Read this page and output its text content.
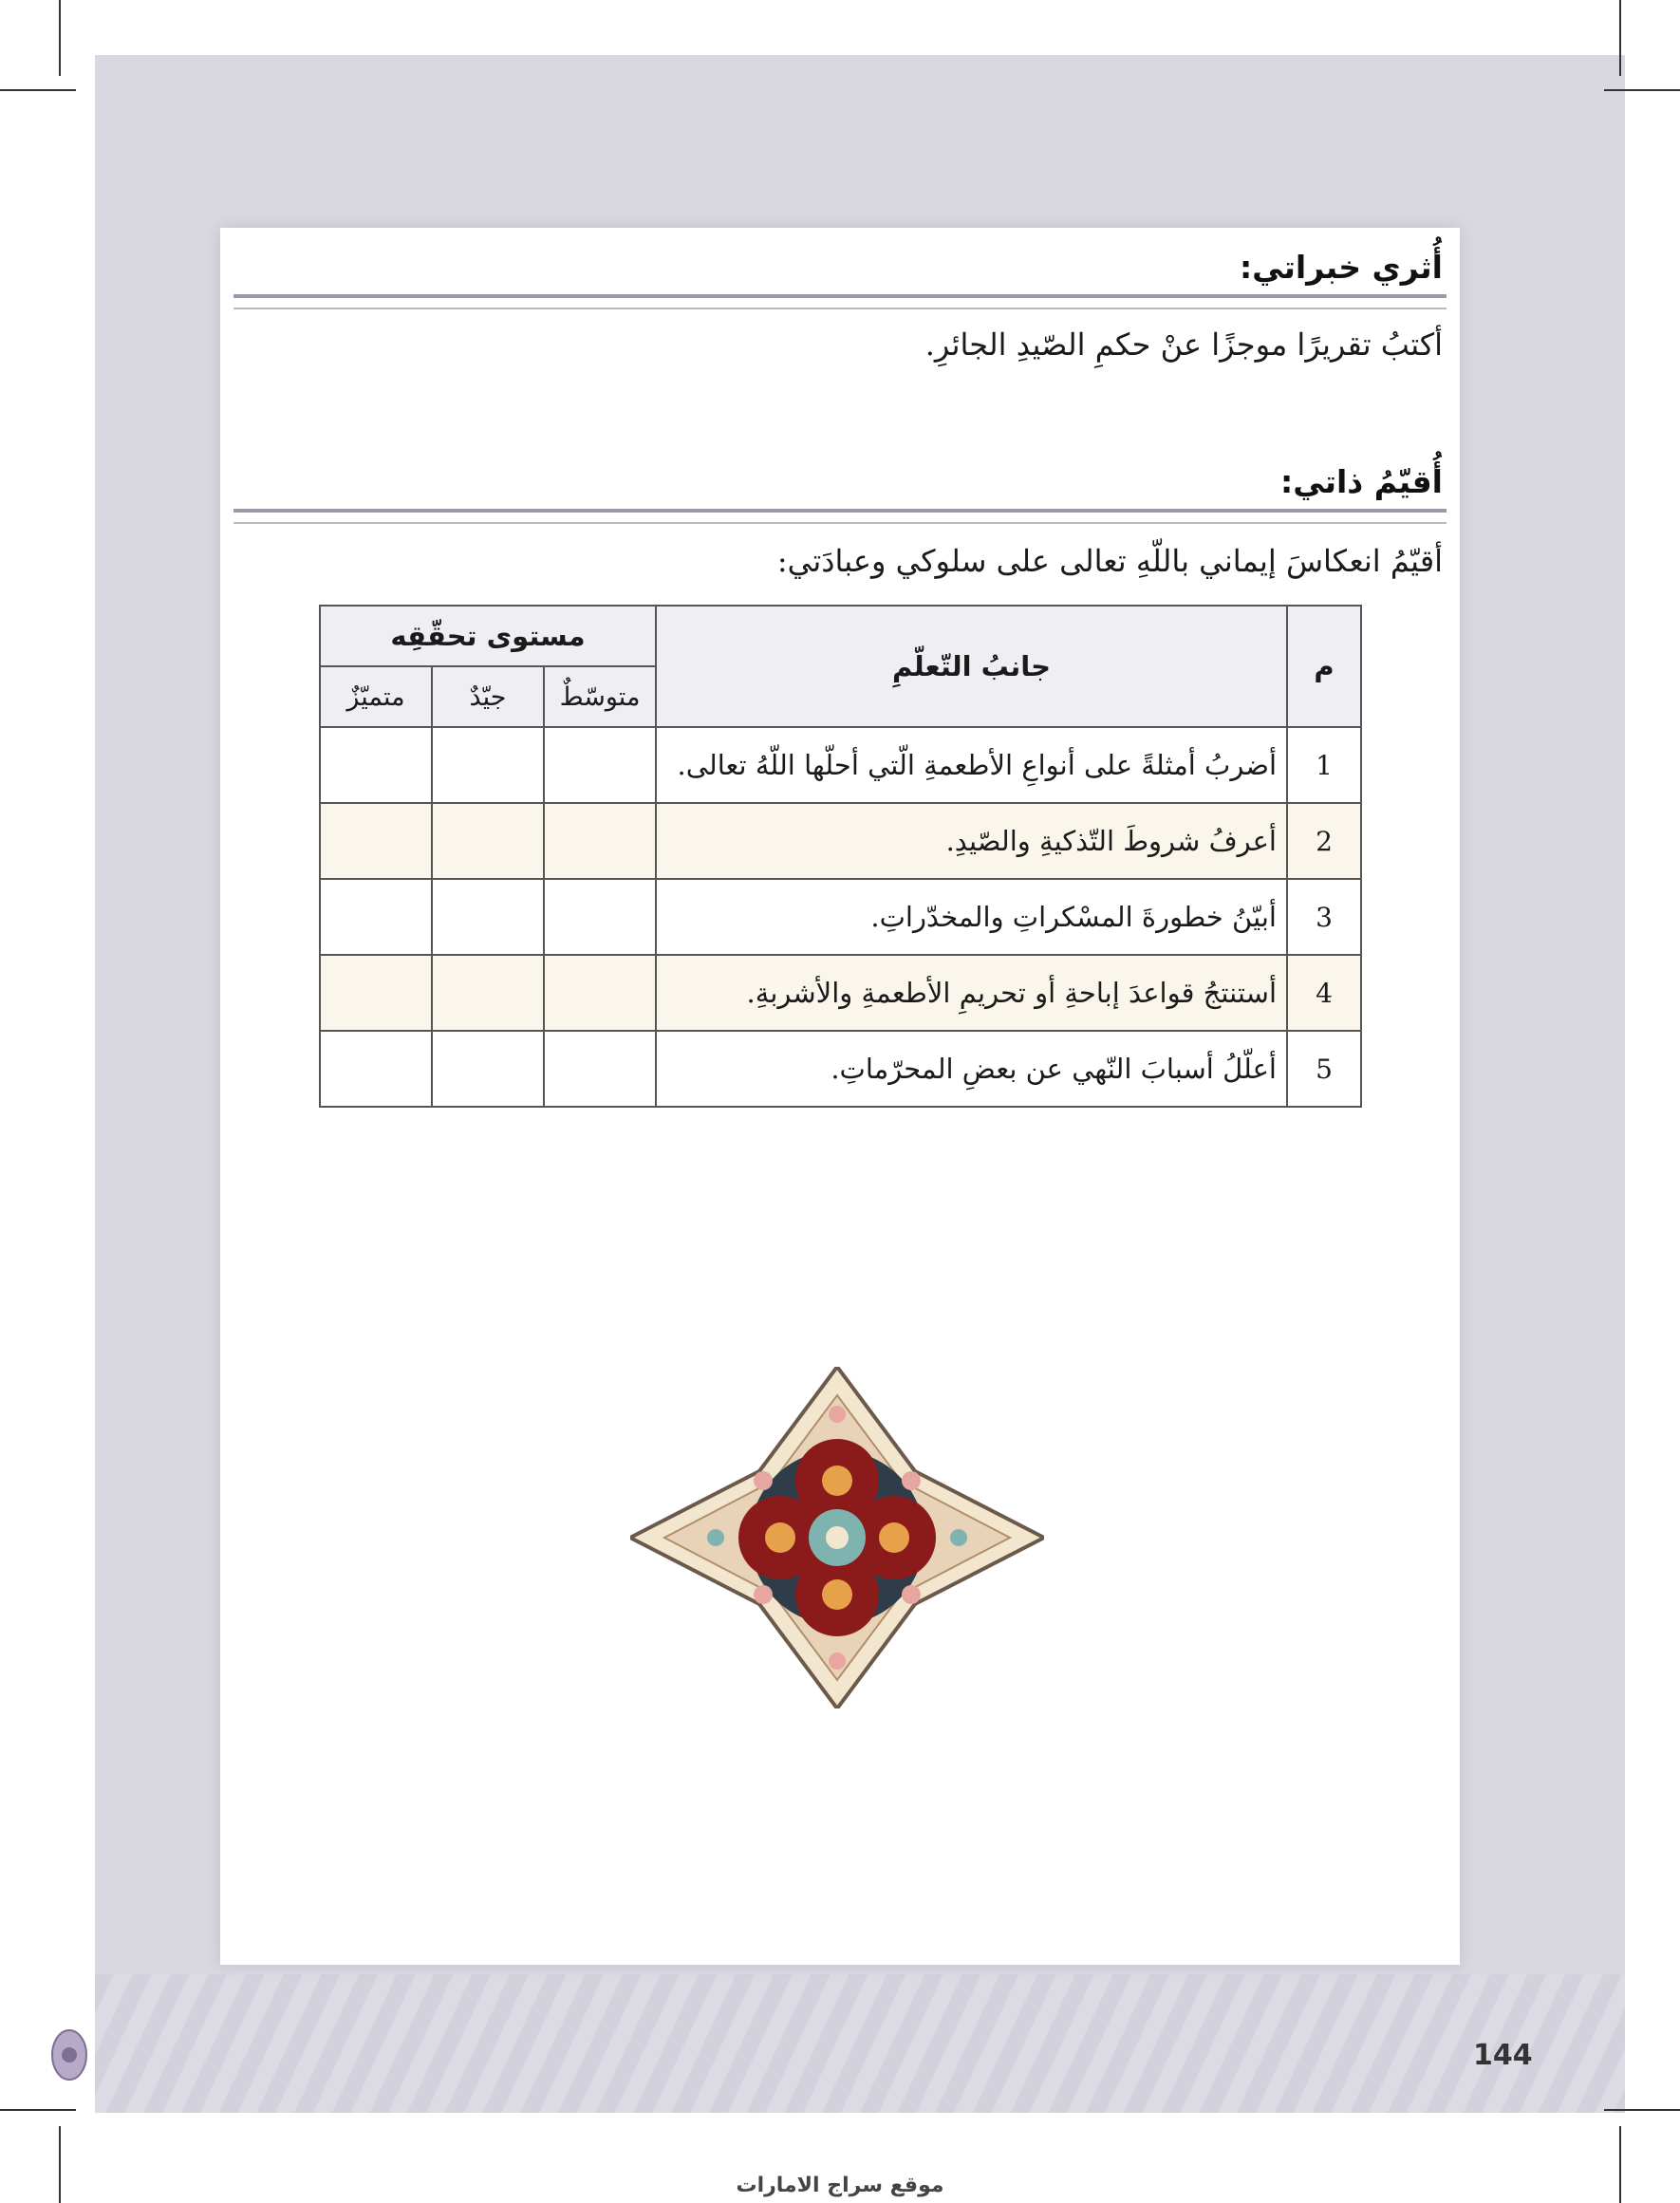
أُثري خبراتي:
أكتبُ تقريرًا موجزًا عنْ حكمِ الصّيدِ الجائرِ.
أُقيّمُ ذاتي:
أقيّمُ انعكاسَ إيماني باللّهِ تعالى على سلوكي وعبادَتي:
م	جانبُ التّعلّمِ	مستوى تحقّقِه		
		متوسّطٌ	جيّدٌ	متميّزٌ
1	أضربُ أمثلةً على أنواعِ الأطعمةِ الّتي أحلّها اللّهُ تعالى.			
2	أعرفُ شروطَ التّذكيةِ والصّيدِ.			
3	أبيّنُ خطورةَ المسْكراتِ والمخدّراتِ.			
4	أستنتجُ قواعدَ إباحةِ أو تحريمِ الأطعمةِ والأشربةِ.			
5	أعلّلُ أسبابَ النّهي عن بعضِ المحرّماتِ.			
144
موقع سراج الامارات
